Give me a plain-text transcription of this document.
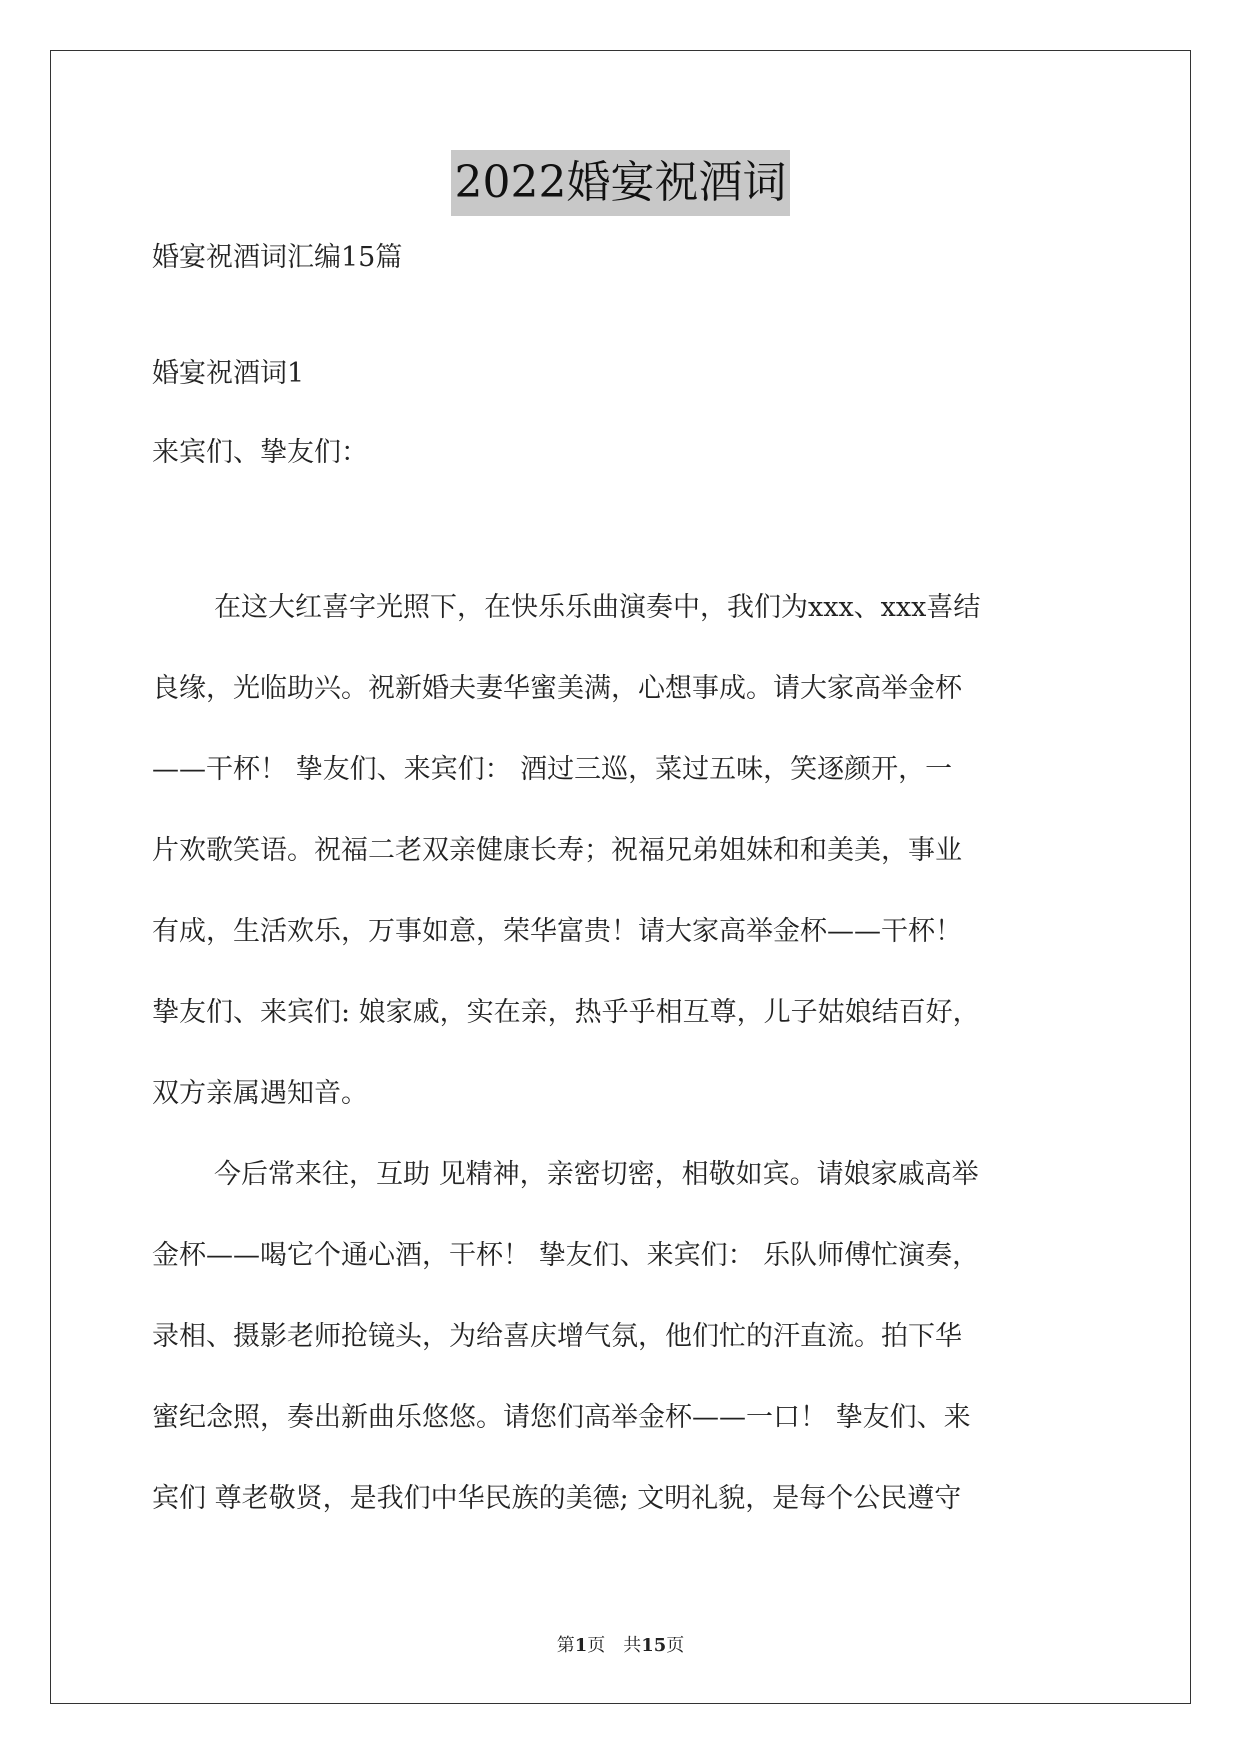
2022婚宴祝酒词
婚宴祝酒词汇编15篇
婚宴祝酒词1
来宾们、挚友们：
在这大红喜字光照下，在快乐乐曲演奏中，我们为xxx、xxx喜结
良缘，光临助兴。祝新婚夫妻华蜜美满，心想事成。请大家高举金杯
——干杯！ 挚友们、来宾们： 酒过三巡，菜过五味，笑逐颜开，一
片欢歌笑语。祝福二老双亲健康长寿；祝福兄弟姐妹和和美美，事业
有成，生活欢乐，万事如意，荣华富贵！请大家高举金杯——干杯！
挚友们、来宾们: 娘家戚，实在亲，热乎乎相互尊，儿子姑娘结百好，
双方亲属遇知音。
今后常来往，互助 见精神，亲密切密，相敬如宾。请娘家戚高举
金杯——喝它个通心酒，干杯！ 挚友们、来宾们： 乐队师傅忙演奏，
录相、摄影老师抢镜头，为给喜庆增气氛，他们忙的汗直流。拍下华
蜜纪念照，奏出新曲乐悠悠。请您们高举金杯——一口！ 挚友们、来
宾们 尊老敬贤，是我们中华民族的美德; 文明礼貌，是每个公民遵守
第1页　共15页
